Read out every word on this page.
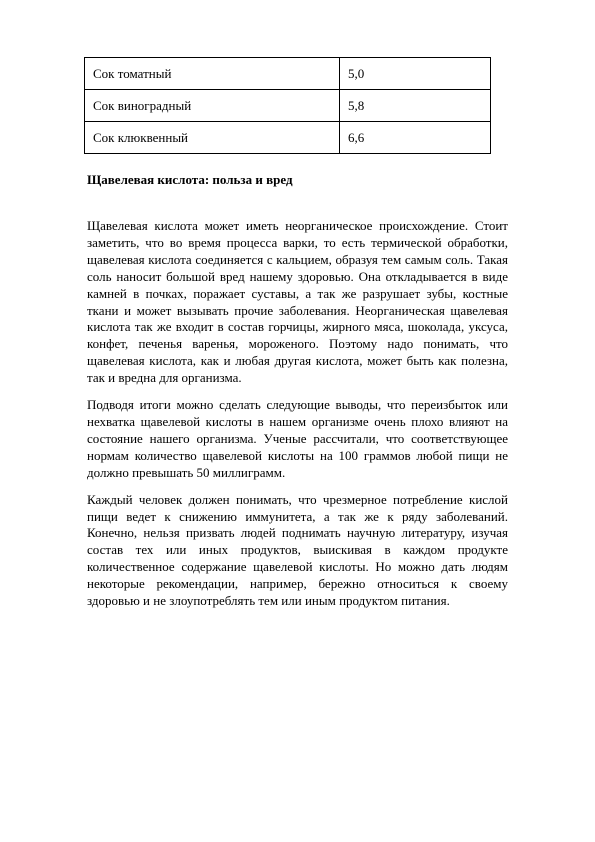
Сок томатный	5,0
Сок виноградный	5,8
Сок клюквенный	6,6
Щавелевая кислота: польза и вред

Щавелевая кислота может иметь неорганическое происхождение. Стоит заметить, что во время процесса варки, то есть термической обработки, щавелевая кислота соединяется с кальцием, образуя тем самым соль. Такая соль наносит большой вред нашему здоровью. Она откладывается в виде камней в почках, поражает суставы, а так же разрушает зубы, костные ткани и может вызывать прочие заболевания. Неорганическая щавелевая кислота так же входит в состав горчицы, жирного мяса, шоколада, уксуса, конфет, печенья варенья, мороженого. Поэтому надо понимать, что щавелевая кислота, как и любая другая кислота, может быть как полезна, так и вредна для организма.

Подводя итоги можно сделать следующие выводы, что переизбыток или нехватка щавелевой кислоты в нашем организме очень плохо влияют на состояние нашего организма. Ученые рассчитали, что соответствующее нормам количество щавелевой кислоты на 100 граммов любой пищи не должно превышать 50 миллиграмм.

Каждый человек должен понимать, что чрезмерное потребление кислой пищи ведет к снижению иммунитета, а так же к ряду заболеваний. Конечно, нельзя призвать людей поднимать научную литературу, изучая состав тех или иных продуктов, выискивая в каждом продукте количественное содержание щавелевой кислоты. Но можно дать людям некоторые рекомендации, например, бережно относиться к своему здоровью и не злоупотреблять тем или иным продуктом питания.
